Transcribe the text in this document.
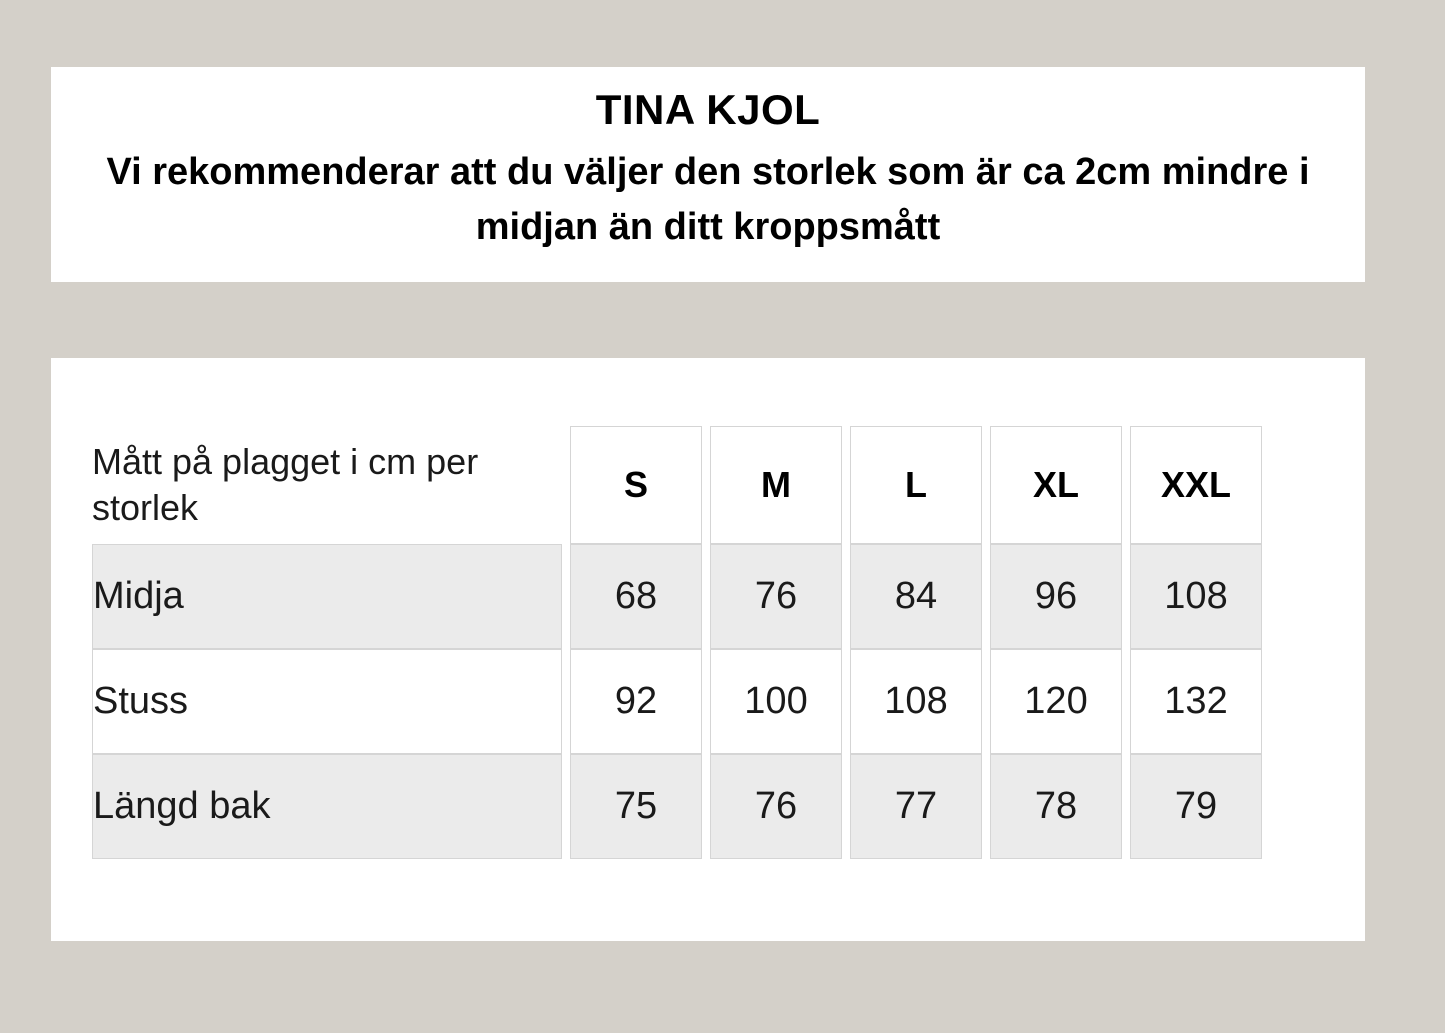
TINA KJOL
Vi rekommenderar att du väljer den storlek som är ca 2cm mindre i midjan än ditt kroppsmått
Mått på plagget i cm per storlek	S	M	L	XL	XXL
Midja	68	76	84	96	108
Stuss	92	100	108	120	132
Längd bak	75	76	77	78	79
